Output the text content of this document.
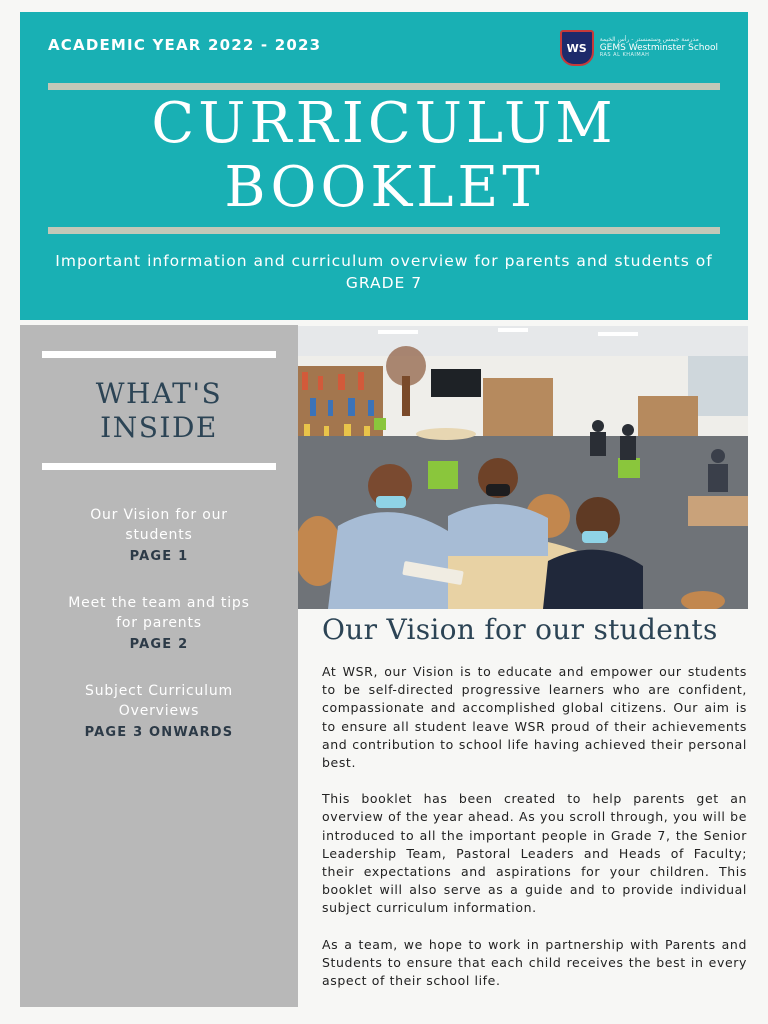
ACADEMIC YEAR 2022 - 2023	WS
مدرسة جيمس وستمنستر - رأس الخيمة
GEMS Westminster School
RAS AL KHAIMAH
CURRICULUM
BOOKLET
Important information and curriculum overview for parents and students of GRADE 7
WHAT'S
INSIDE
Our Vision for our students
PAGE 1
Meet the team and tips for parents
PAGE 2
Subject Curriculum Overviews
PAGE 3 ONWARDS
Our Vision for our students

At WSR, our Vision is to educate and empower our students to be self-directed progressive learners who are confident, compassionate and accomplished global citizens. Our aim is to ensure all student leave WSR proud of their achievements and contribution to school life having achieved their personal best.

This booklet has been created to help parents get an overview of the year ahead. As you scroll through, you will be introduced to all the important people in Grade 7, the Senior Leadership Team, Pastoral Leaders and Heads of Faculty; their expectations and aspirations for your children. This booklet will also serve as a guide and to provide individual subject curriculum information.

As a team, we hope to work in partnership with Parents and Students to ensure that each child receives the best in every aspect of their school life.
